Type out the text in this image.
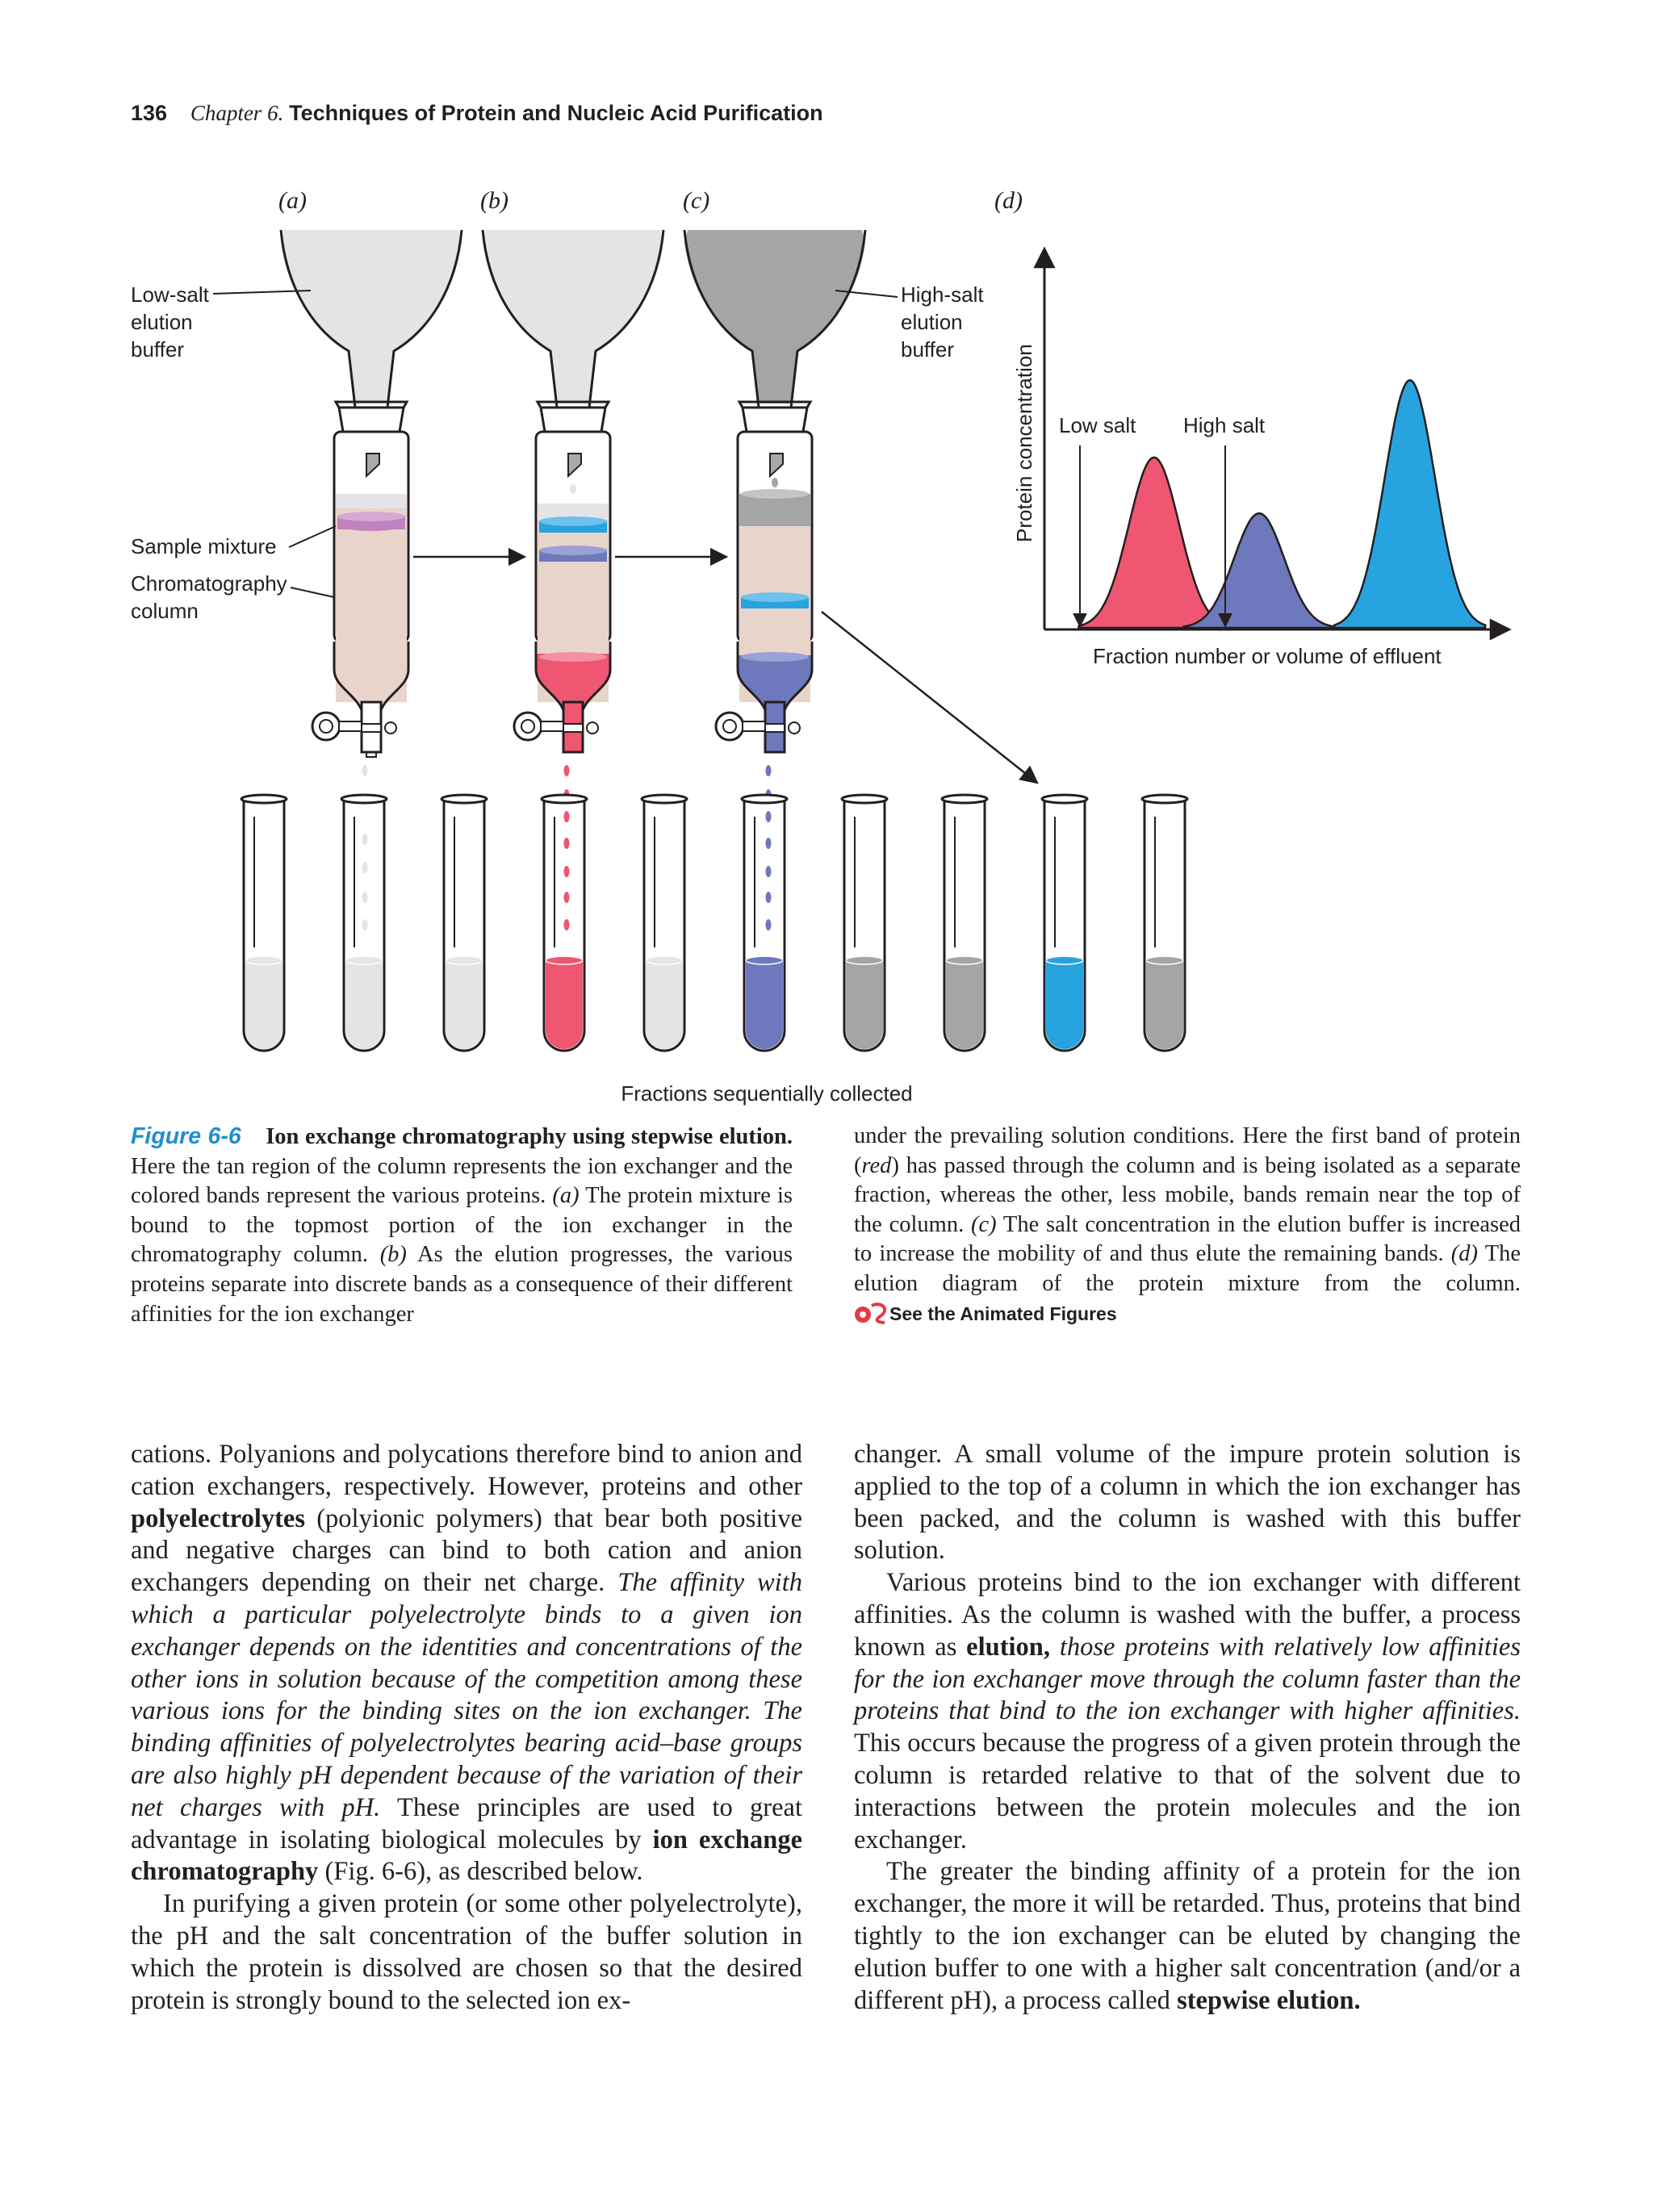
136 Chapter 6. Techniques of Protein and Nucleic Acid Purification
(a)	(b)	(c)	(d)
Low-salt
elution
buffer
High-salt
elution
buffer
Sample mixture
Chromatography
column
Fractions sequentially collected
Protein concentration
Fraction number or volume of effluent
Low salt High salt
Figure 6-6 Ion exchange chromatography using stepwise elution. Here the tan region of the column represents the ion exchanger and the colored bands represent the various proteins. (a) The protein mixture is bound to the topmost portion of the ion exchanger in the chromatography column. (b) As the elution progresses, the various proteins separate into discrete bands as a consequence of their different affinities for the ion exchanger
under the prevailing solution conditions. Here the first band of protein (red) has passed through the column and is being isolated as a separate fraction, whereas the other, less mobile, bands remain near the top of the column. (c) The salt concentration in the elution buffer is increased to increase the mobility of and thus elute the remaining bands. (d) The elution diagram of the protein mixture from the column. See the Animated Figures

cations. Polyanions and polycations therefore bind to anion and cation exchangers, respectively. However, proteins and other polyelectrolytes (polyionic polymers) that bear both positive and negative charges can bind to both cation and anion exchangers depending on their net charge. The affinity with which a particular polyelectrolyte binds to a given ion exchanger depends on the identities and concentrations of the other ions in solution because of the competition among these various ions for the binding sites on the ion exchanger. The binding affinities of polyelectrolytes bearing acid–base groups are also highly pH dependent because of the variation of their net charges with pH. These principles are used to great advantage in isolating biological molecules by ion exchange chromatography (Fig. 6-6), as described below.

In purifying a given protein (or some other polyelectrolyte), the pH and the salt concentration of the buffer solution in which the protein is dissolved are chosen so that the desired protein is strongly bound to the selected ion ex-

changer. A small volume of the impure protein solution is applied to the top of a column in which the ion exchanger has been packed, and the column is washed with this buffer solution.

Various proteins bind to the ion exchanger with different affinities. As the column is washed with the buffer, a process known as elution, those proteins with relatively low affinities for the ion exchanger move through the column faster than the proteins that bind to the ion exchanger with higher affinities. This occurs because the progress of a given protein through the column is retarded relative to that of the solvent due to interactions between the protein molecules and the ion exchanger.

The greater the binding affinity of a protein for the ion exchanger, the more it will be retarded. Thus, proteins that bind tightly to the ion exchanger can be eluted by changing the elution buffer to one with a higher salt concentration (and/or a different pH), a process called stepwise elution.
